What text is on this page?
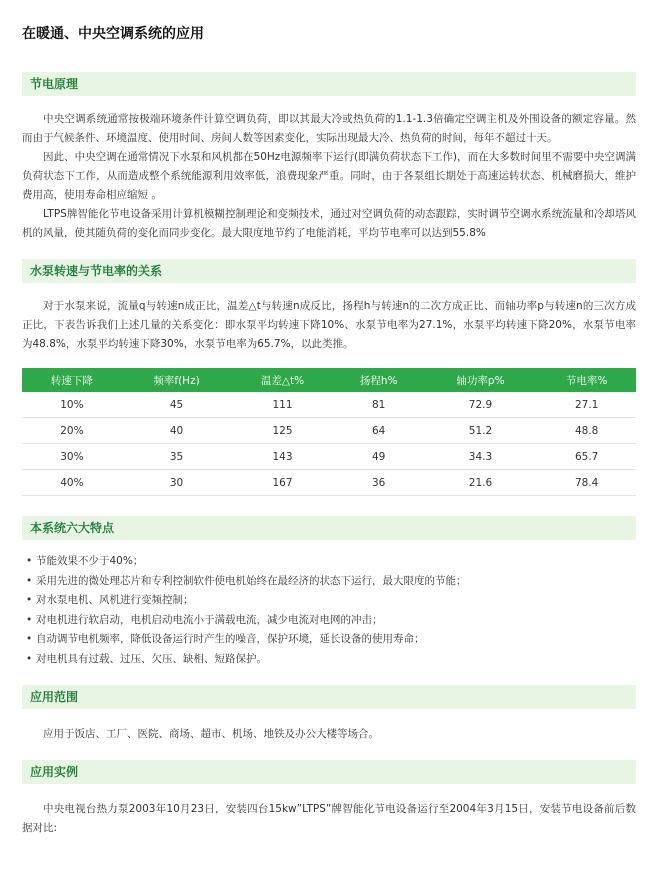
在暖通、中央空调系统的应用
节电原理

中央空调系统通常按极端环境条件计算空调负荷，即以其最大冷或热负荷的1.1-1.3倍确定空调主机及外围设备的额定容量。然而由于气候条件、环境温度、使用时间、房间人数等因素变化，实际出现最大冷、热负荷的时间，每年不超过十天。

因此、中央空调在通常情况下水泵和风机都在50Hz电源频率下运行(即满负荷状态下工作)，而在大多数时间里不需要中央空调满负荷状态下工作，从而造成整个系统能源利用效率低，浪费现象严重。同时，由于各泵组长期处于高速运转状态、机械磨损大，维护费用高，使用寿命相应缩短 。

LTPS牌智能化节电设备采用计算机模糊控制理论和变频技术，通过对空调负荷的动态跟踪，实时调节空调水系统流量和冷却塔风机的风量，使其随负荷的变化而同步变化。最大限度地节约了电能消耗，平均节电率可以达到55.8%

水泵转速与节电率的关系

对于水泵来说，流量q与转速n成正比，温差△t与转速n成反比，扬程h与转速n的二次方成正比、而轴功率p与转速n的三次方成正比，下表告诉我们上述几量的关系变化：即水泵平均转速下降10%、水泵节电率为27.1%，水泵平均转速下降20%，水泵节电率为48.8%，水泵平均转速下降30%，水泵节电率为65.7%，以此类推。

转速下降	频率f(Hz)	温差△t%	扬程h%	轴功率p%	节电率%
10%	45	111	81	72.9	27.1
20%	40	125	64	51.2	48.8
30%	35	143	49	34.3	65.7
40%	30	167	36	21.6	78.4
本系统六大特点
• 节能效果不少于40%；
• 采用先进的微处理芯片和专利控制软件使电机始终在最经济的状态下运行，最大限度的节能；
• 对水泵电机、风机进行变频控制；
• 对电机进行软启动，电机启动电流小于满载电流，减少电流对电网的冲击；
• 自动调节电机频率，降低设备运行时产生的噪音，保护环境，延长设备的使用寿命；
• 对电机具有过载、过压、欠压、缺相、短路保护。
应用范围

应用于饭店、工厂、医院、商场、超市、机场、地铁及办公大楼等场合。

应用实例

中央电视台热力泵2003年10月23日，安装四台15kw”LTPS”牌智能化节电设备运行至2004年3月15日，安装节电设备前后数据对比:
